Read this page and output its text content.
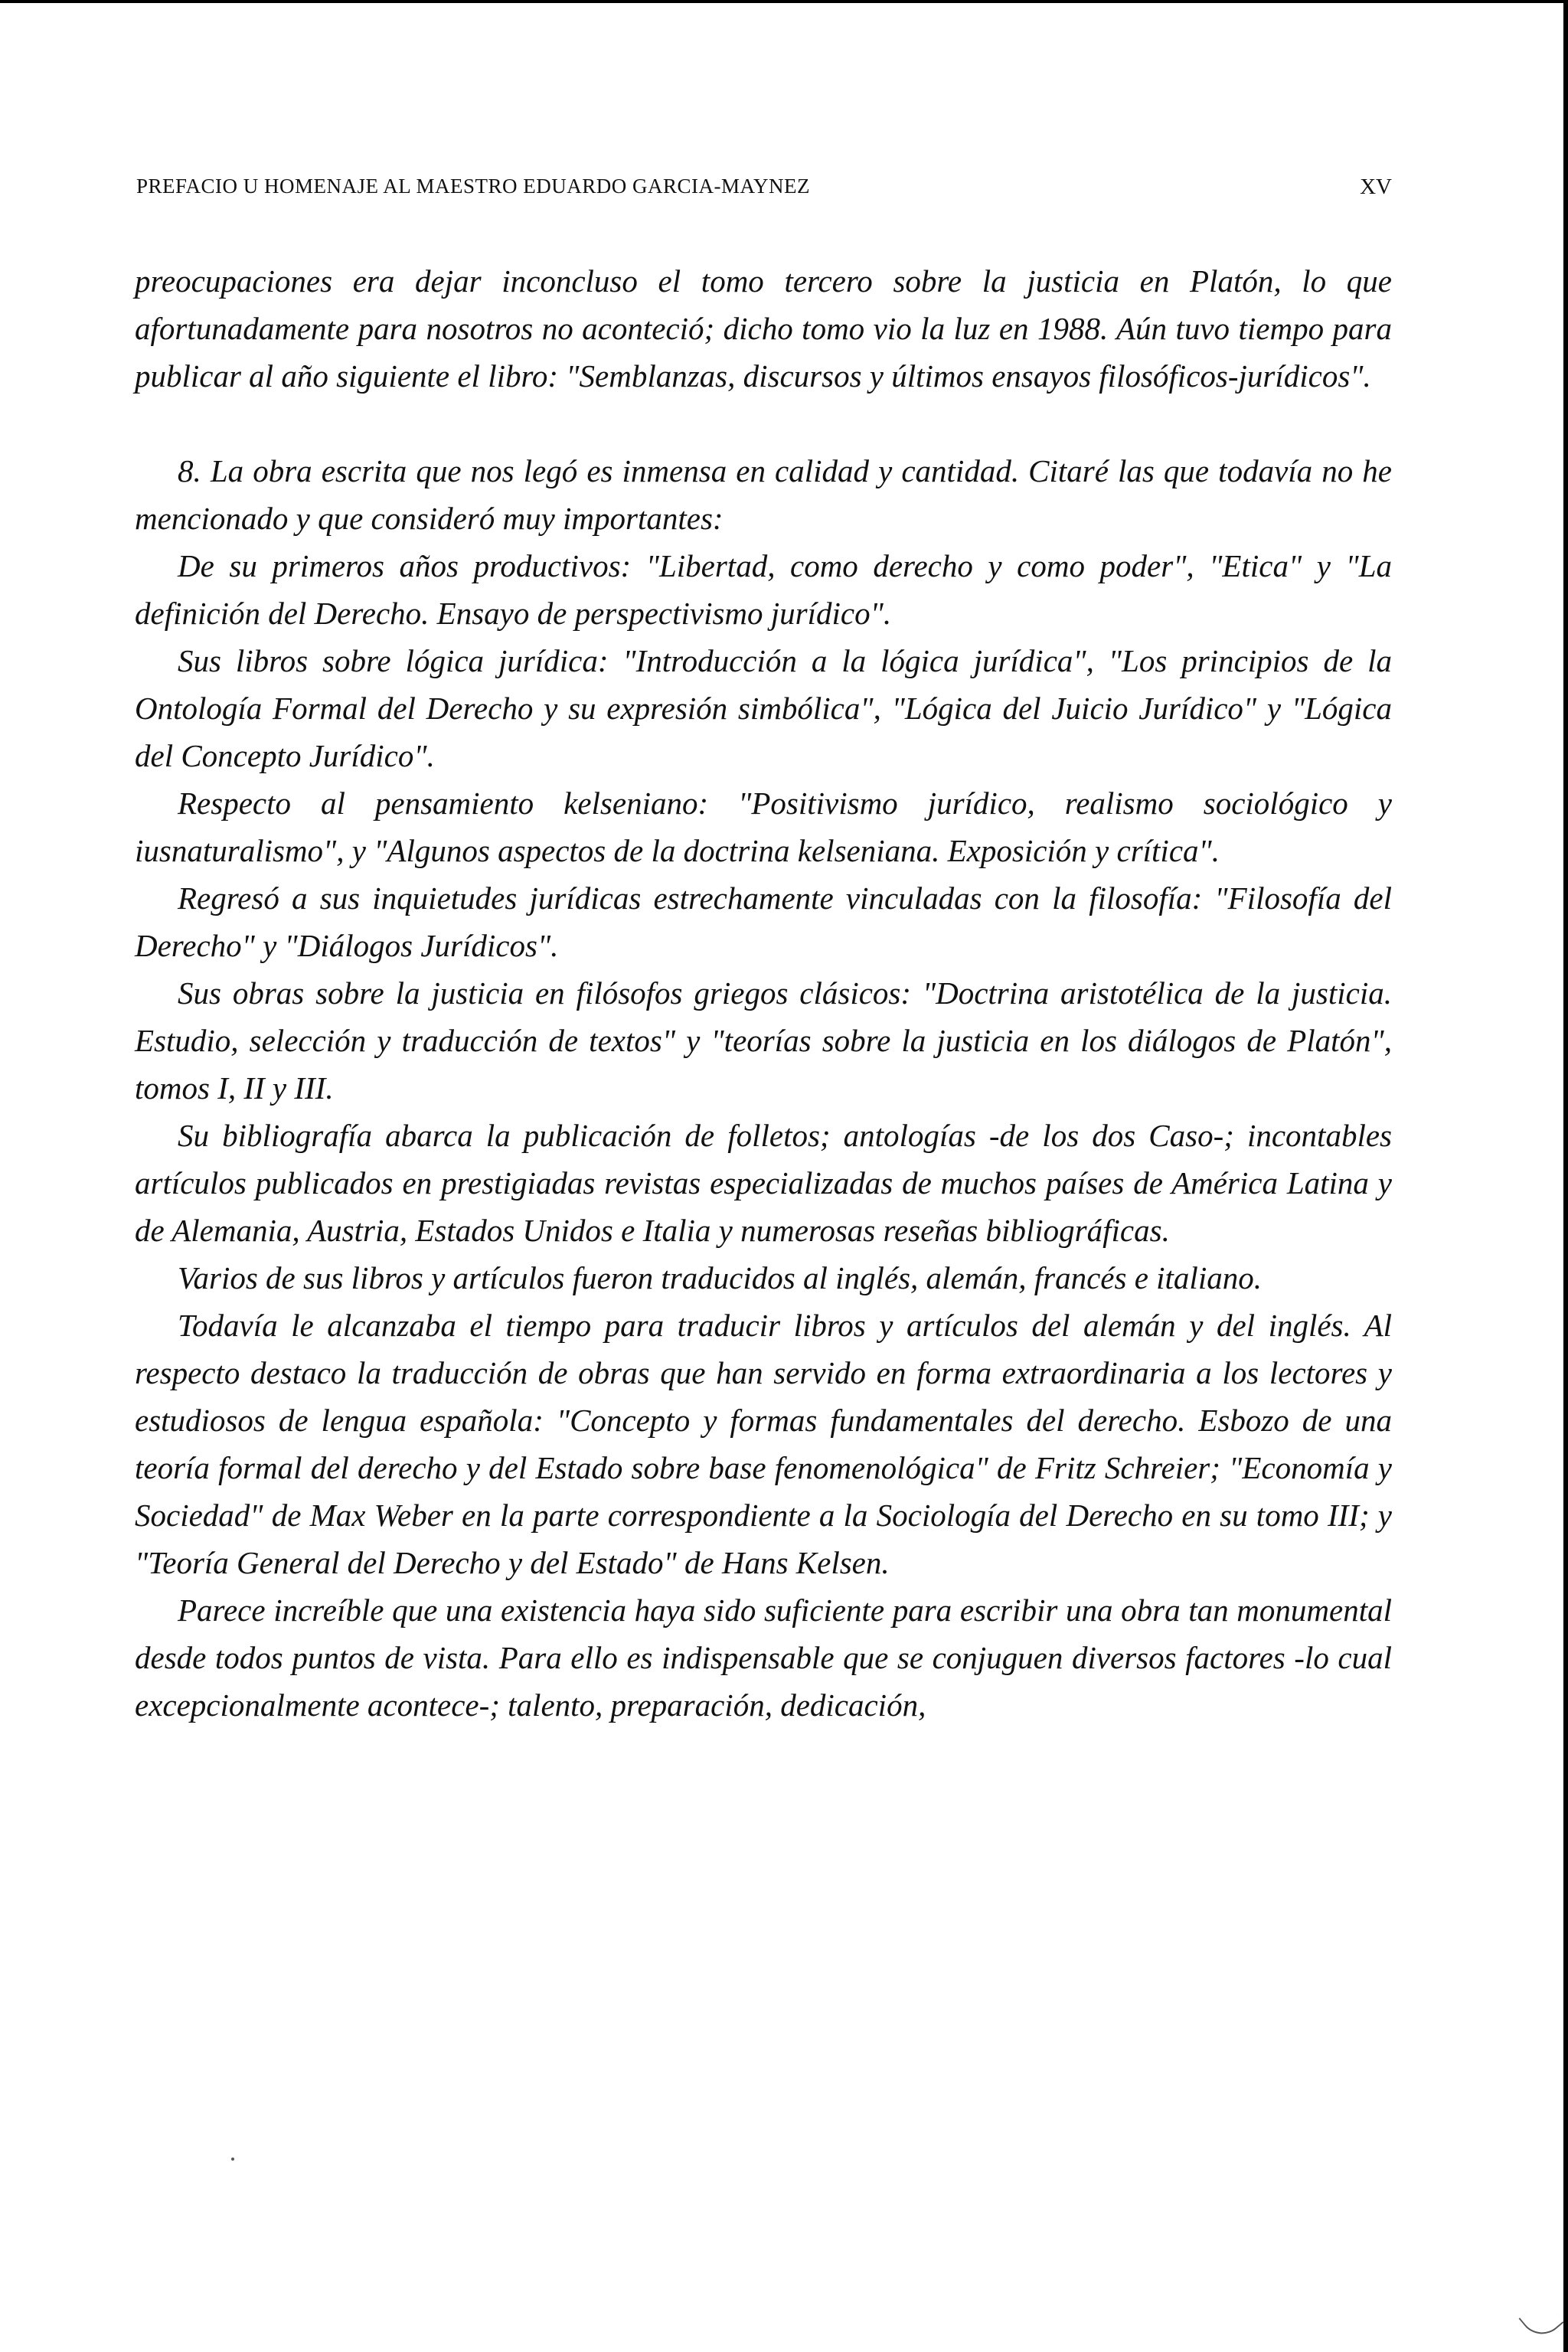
PREFACIO U HOMENAJE AL MAESTRO EDUARDO GARCIA-MAYNEZ	XV

preocupaciones era dejar inconcluso el tomo tercero sobre la justicia en Platón, lo que afortunadamente para nosotros no aconteció; dicho tomo vio la luz en 1988. Aún tuvo tiempo para publicar al año siguiente el libro: "Semblanzas, discursos y últimos ensayos filosóficos-jurídicos".

8. La obra escrita que nos legó es inmensa en calidad y cantidad. Citaré las que todavía no he mencionado y que consideró muy importantes:

De su primeros años productivos: "Libertad, como derecho y como poder", "Etica" y "La definición del Derecho. Ensayo de perspectivismo jurídico".

Sus libros sobre lógica jurídica: "Introducción a la lógica jurídica", "Los principios de la Ontología Formal del Derecho y su expresión simbólica", "Lógica del Juicio Jurídico" y "Lógica del Concepto Jurídico".

Respecto al pensamiento kelseniano: "Positivismo jurídico, realismo sociológico y iusnaturalismo", y "Algunos aspectos de la doctrina kelseniana. Exposición y crítica".

Regresó a sus inquietudes jurídicas estrechamente vinculadas con la filosofía: "Filosofía del Derecho" y "Diálogos Jurídicos".

Sus obras sobre la justicia en filósofos griegos clásicos: "Doctrina aristotélica de la justicia. Estudio, selección y traducción de textos" y "teorías sobre la justicia en los diálogos de Platón", tomos I, II y III.

Su bibliografía abarca la publicación de folletos; antologías -de los dos Caso-; incontables artículos publicados en prestigiadas revistas especializadas de muchos países de América Latina y de Alemania, Austria, Estados Unidos e Italia y numerosas reseñas bibliográficas.

Varios de sus libros y artículos fueron traducidos al inglés, alemán, francés e italiano.

Todavía le alcanzaba el tiempo para traducir libros y artículos del alemán y del inglés. Al respecto destaco la traducción de obras que han servido en forma extraordinaria a los lectores y estudiosos de lengua española: "Concepto y formas fundamentales del derecho. Esbozo de una teoría formal del derecho y del Estado sobre base fenomenológica" de Fritz Schreier; "Economía y Sociedad" de Max Weber en la parte correspondiente a la Sociología del Derecho en su tomo III; y "Teoría General del Derecho y del Estado" de Hans Kelsen.

Parece increíble que una existencia haya sido suficiente para escribir una obra tan monumental desde todos puntos de vista. Para ello es indispensable que se conjuguen diversos factores -lo cual excepcionalmente acontece-; talento, preparación, dedicación,
